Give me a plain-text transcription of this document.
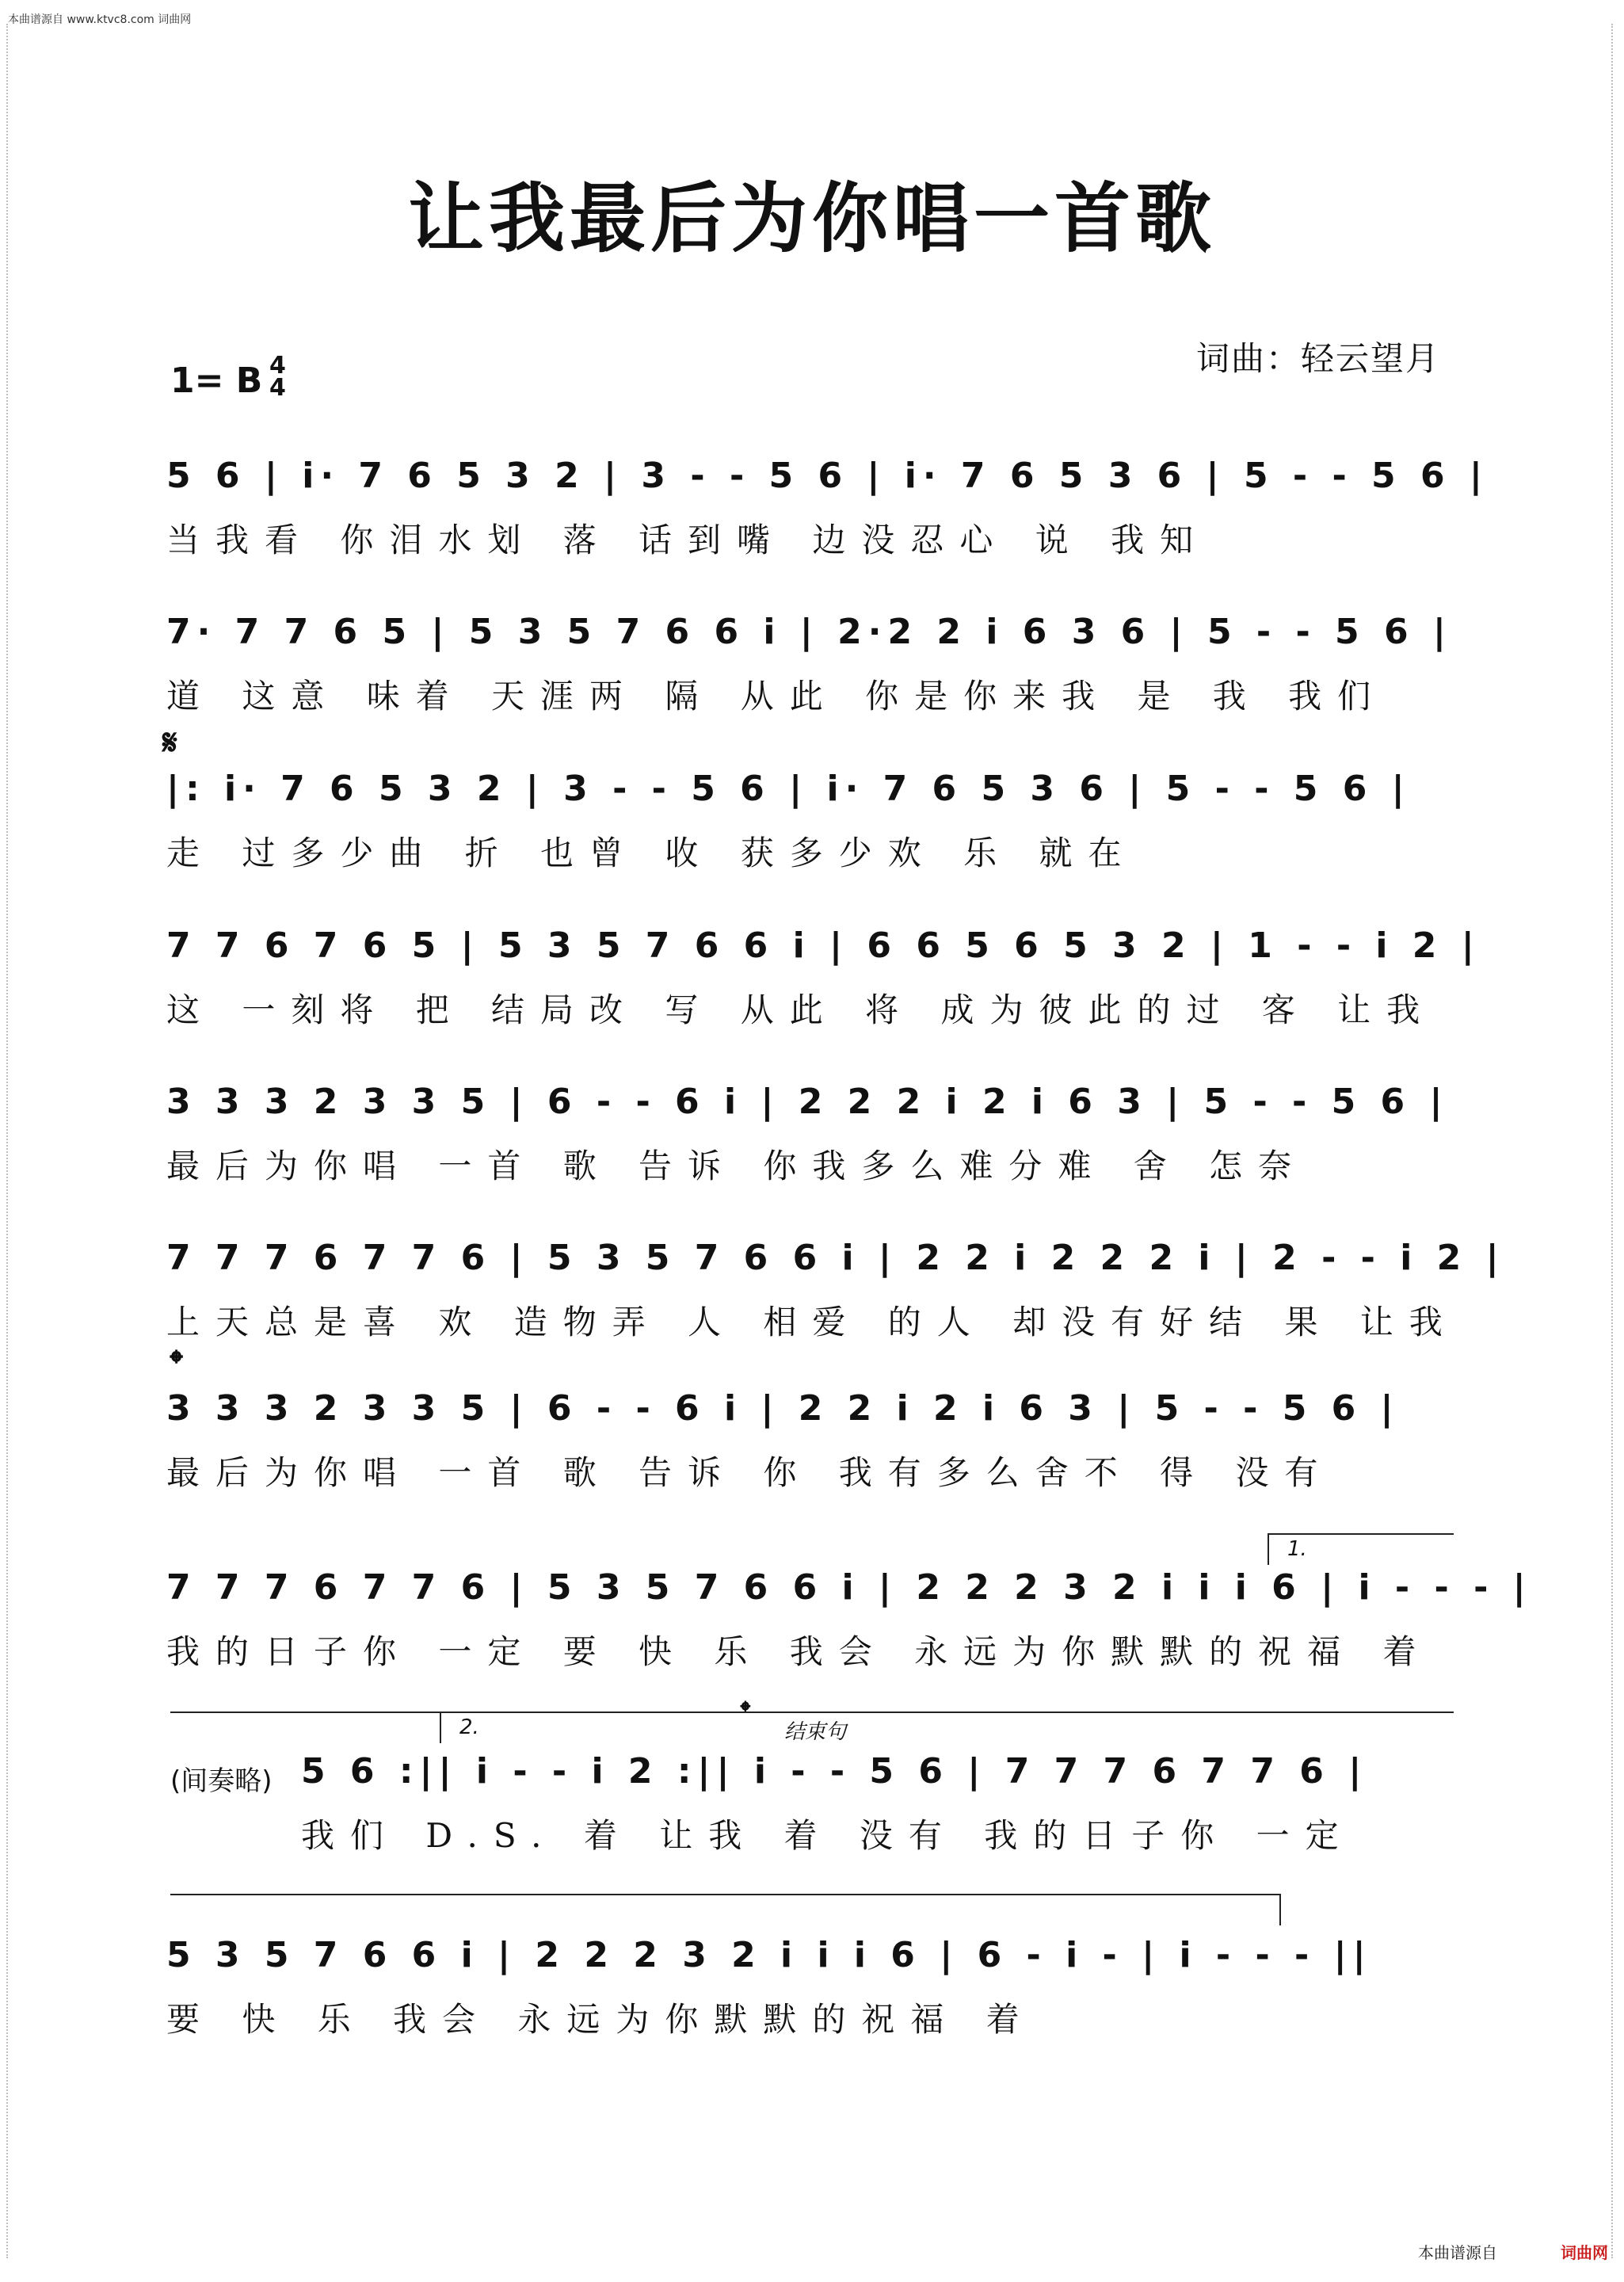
本曲谱源自 www.ktvc8.com 词曲网
让我最后为你唱一首歌
1= B 4
4
词曲：轻云望月
5 6 | i· 7 6 5 3 2 | 3 - - 5 6 | i· 7 6 5 3 6 | 5 - - 5 6 |
当我看 你泪水划 落 话到嘴 边没忍心 说 我知
7· 7 7 6 5 | 5 3 5 7 6 6 i | 2·2 2 i 6 3 6 | 5 - - 5 6 |
道 这意 味着 天涯两 隔 从此 你是你来我 是 我 我们
𝄋
|: i· 7 6 5 3 2 | 3 - - 5 6 | i· 7 6 5 3 6 | 5 - - 5 6 |
走 过多少曲 折 也曾 收 获多少欢 乐 就在
7 7 6 7 6 5 | 5 3 5 7 6 6 i | 6 6 5 6 5 3 2 | 1 - - i 2 |
这 一刻将 把 结局改 写 从此 将 成为彼此的过 客 让我
3 3 3 2 3 3 5 | 6 - - 6 i | 2 2 2 i 2 i 6 3 | 5 - - 5 6 |
最后为你唱 一首 歌 告诉 你我多么难分难 舍 怎奈
7 7 7 6 7 7 6 | 5 3 5 7 6 6 i | 2 2 i 2 2 2 i | 2 - - i 2 |
上天总是喜 欢 造物弄 人 相爱 的人 却没有好结 果 让我
𝄌
3 3 3 2 3 3 5 | 6 - - 6 i | 2 2 i 2 i 6 3 | 5 - - 5 6 |
最后为你唱 一首 歌 告诉 你 我有多么舍不 得 没有
1.
7 7 7 6 7 7 6 | 5 3 5 7 6 6 i | 2 2 2 3 2 i i i 6 | i - - - |
我的日子你 一定 要 快 乐 我会 永远为你默默的祝福 着
2.	𝄌
结束句
(间奏略) 5 6 :|| i - - i 2 :|| i - - 5 6 | 7 7 7 6 7 7 6 |
我们 D.S. 着 让我 着 没有 我的日子你 一定
5 3 5 7 6 6 i | 2 2 2 3 2 i i i 6 | 6 - i - | i - - - ||
要 快 乐 我会 永远为你默默的祝福 着
本曲谱源自	词曲网
